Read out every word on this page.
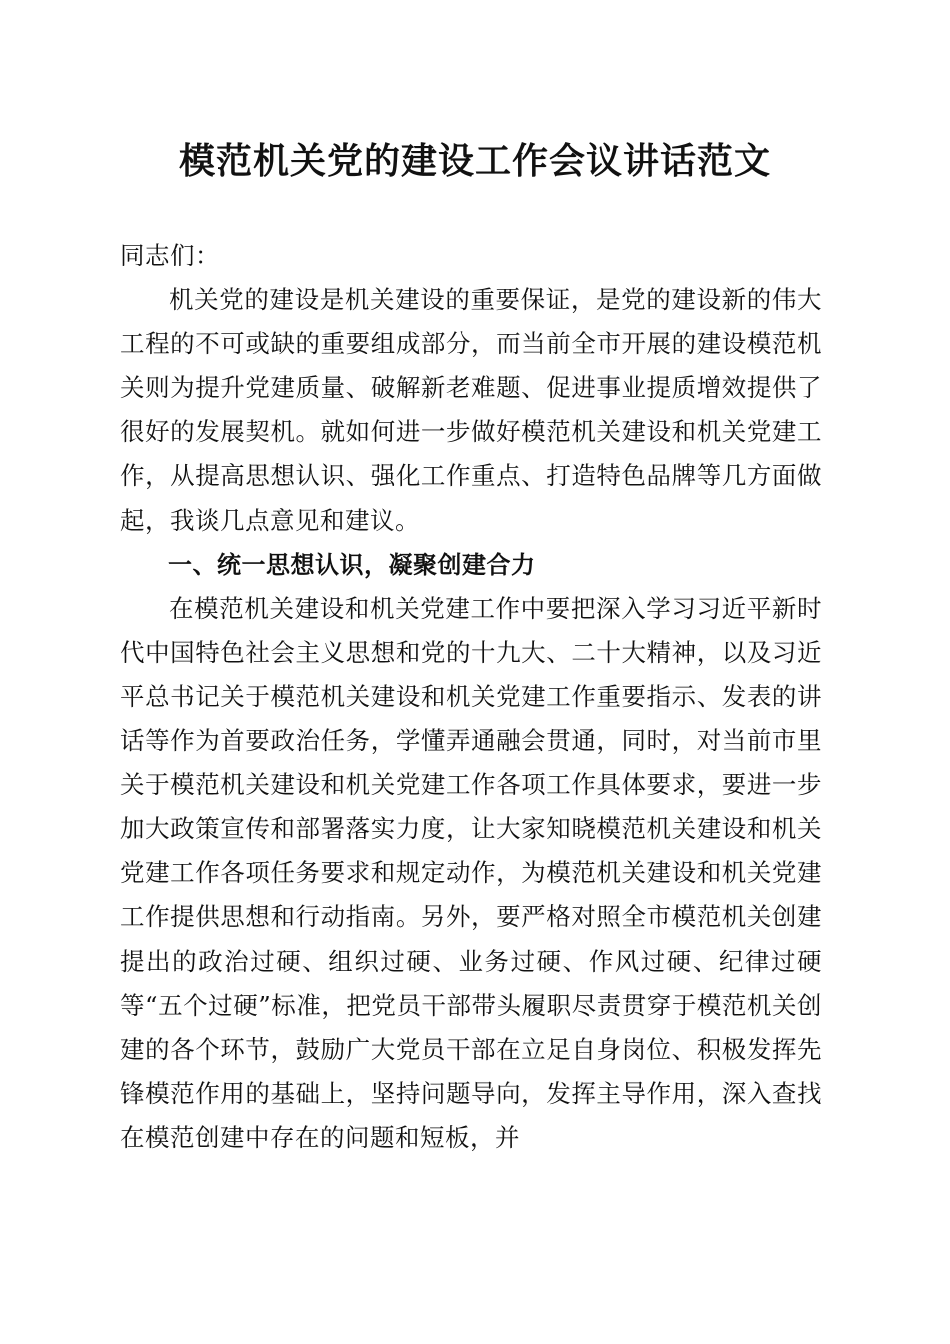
模范机关党的建设工作会议讲话范文

同志们：

机关党的建设是机关建设的重要保证，是党的建设新的伟大工程的不可或缺的重要组成部分，而当前全市开展的建设模范机关则为提升党建质量、破解新老难题、促进事业提质增效提供了很好的发展契机。就如何进一步做好模范机关建设和机关党建工作，从提高思想认识、强化工作重点、打造特色品牌等几方面做起，我谈几点意见和建议。

一、统一思想认识，凝聚创建合力

在模范机关建设和机关党建工作中要把深入学习习近平新时代中国特色社会主义思想和党的十九大、二十大精神，以及习近平总书记关于模范机关建设和机关党建工作重要指示、发表的讲话等作为首要政治任务，学懂弄通融会贯通，同时，对当前市里关于模范机关建设和机关党建工作各项工作具体要求，要进一步加大政策宣传和部署落实力度，让大家知晓模范机关建设和机关党建工作各项任务要求和规定动作，为模范机关建设和机关党建工作提供思想和行动指南。另外，要严格对照全市模范机关创建提出的政治过硬、组织过硬、业务过硬、作风过硬、纪律过硬等“五个过硬”标准，把党员干部带头履职尽责贯穿于模范机关创建的各个环节，鼓励广大党员干部在立足自身岗位、积极发挥先锋模范作用的基础上，坚持问题导向，发挥主导作用，深入查找在模范创建中存在的问题和短板，并
